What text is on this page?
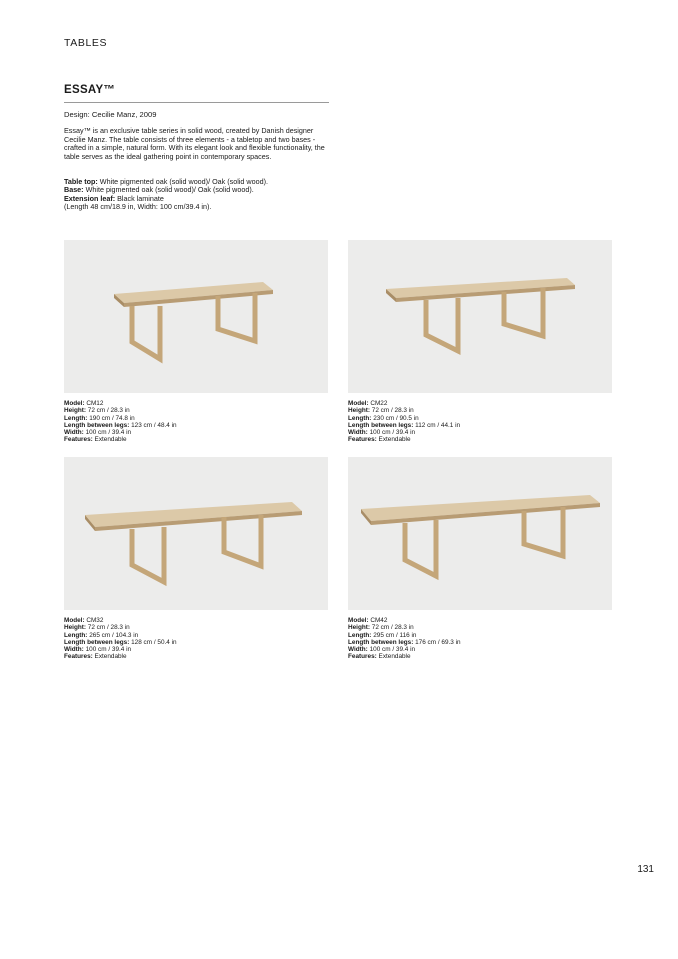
TABLES
ESSAY™
Design: Cecilie Manz, 2009
Essay™ is an exclusive table series in solid wood, created by Danish designer Cecilie Manz. The table consists of three elements - a tabletop and two bases - crafted in a simple, natural form. With its elegant look and flexible functionality, the table serves as the ideal gathering point in contemporary spaces.
Table top: White pigmented oak (solid wood)/ Oak (solid wood).
Base: White pigmented oak (solid wood)/ Oak (solid wood).
Extension leaf: Black laminate
(Length 48 cm/18.9 in, Width: 100 cm/39.4 in).
Model: CM12
Height: 72 cm / 28.3 in
Length: 190 cm / 74.8 in
Length between legs: 123 cm / 48.4 in
Width: 100 cm / 39.4 in
Features: Extendable
Model: CM22
Height: 72 cm / 28.3 in
Length: 230 cm / 90.5 in
Length between legs: 112 cm / 44.1 in
Width: 100 cm / 39.4 in
Features: Extendable
Model: CM32
Height: 72 cm / 28.3 in
Length: 265 cm / 104.3 in
Length between legs: 128 cm / 50.4 in
Width: 100 cm / 39.4 in
Features: Extendable
Model: CM42
Height: 72 cm / 28.3 in
Length: 295 cm / 116 in
Length between legs: 176 cm / 69.3 in
Width: 100 cm / 39.4 in
Features: Extendable
131
